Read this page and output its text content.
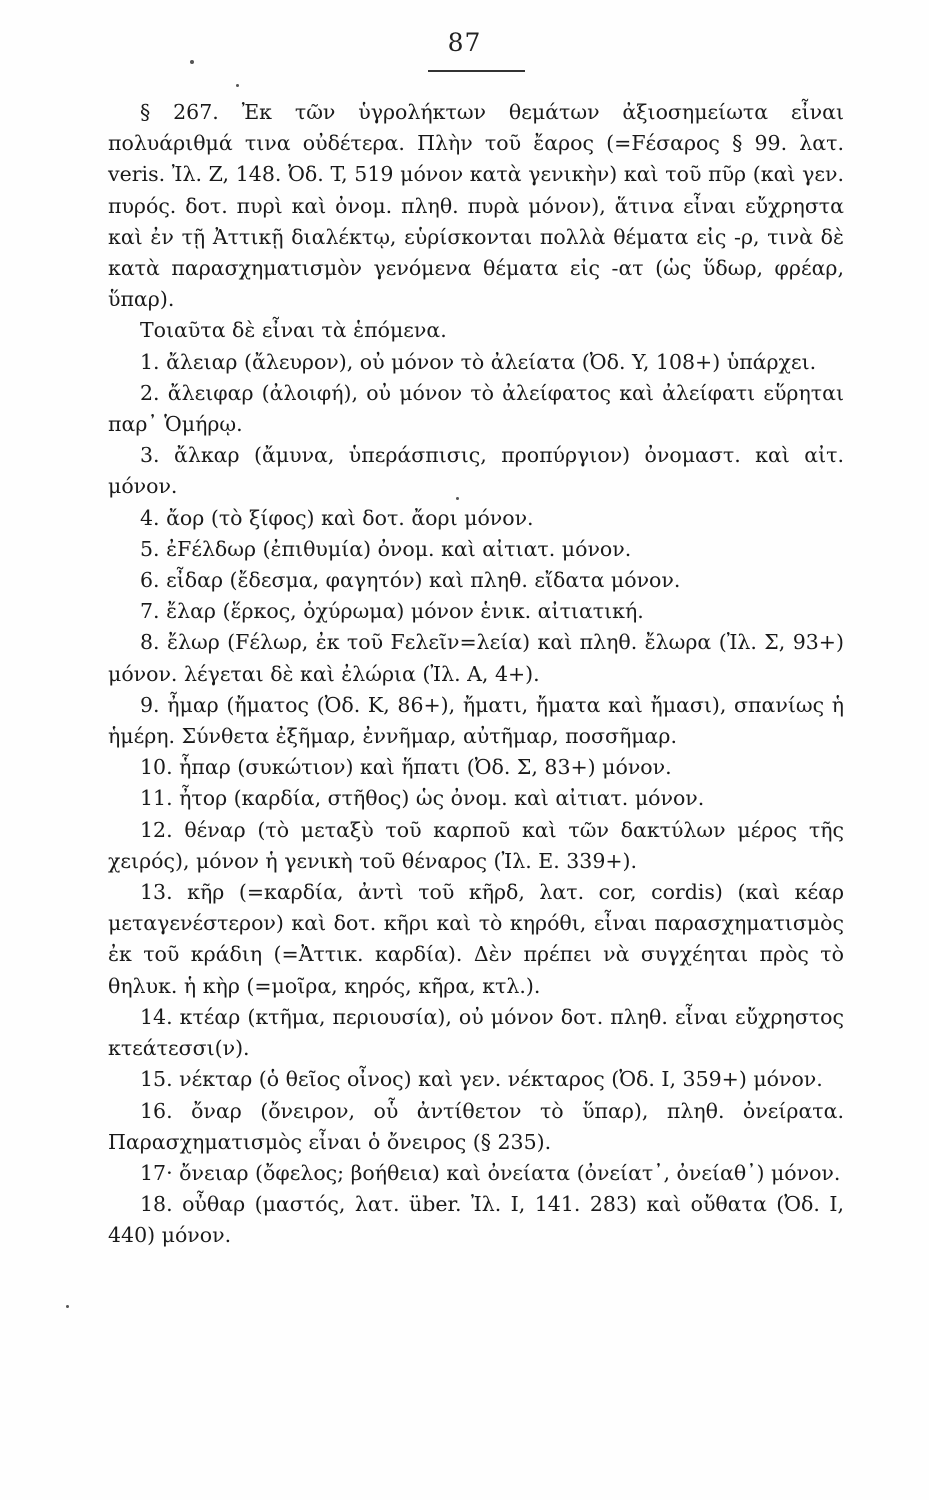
87

§ 267. Ἐκ τῶν ὑγρολήκτων θεμάτων ἀξιοσημείωτα εἶναι πολυάριθμά τινα οὐδέτερα. Πλὴν τοῦ ἔαρος (=Fέσαρος § 99. λατ. veris. Ἰλ. Z, 148. Ὀδ. T, 519 μόνον κατὰ γενικὴν) καὶ τοῦ πῦρ (καὶ γεν. πυρός. δοτ. πυρὶ καὶ ὀνομ. πληθ. πυρὰ μόνον), ἅτινα εἶναι εὔχρηστα καὶ ἐν τῇ Ἀττικῇ διαλέκτῳ, εὑρίσκονται πολλὰ θέματα εἰς -ρ, τινὰ δὲ κατὰ παρασχηματισμὸν γενόμενα θέματα εἰς -ατ (ὡς ὕδωρ, φρέαρ, ὕπαρ).

Τοιαῦτα δὲ εἶναι τὰ ἑπόμενα.

1. ἄλειαρ (ἄλευρον), οὐ μόνον τὸ ἀλείατα (Ὀδ. Y, 108+) ὑπάρχει.

2. ἄλειφαρ (ἀλοιφή), οὐ μόνον τὸ ἀλείφατος καὶ ἀλείφατι εὕρηται παρ᾽ Ὁμήρῳ.

3. ἄλκαρ (ἄμυνα, ὑπεράσπισις, προπύργιον) ὀνομαστ. καὶ αἰτ. μόνον.

4. ἄορ (τὸ ξίφος) καὶ δοτ. ἄορι μόνον.

5. ἐFέλδωρ (ἐπιθυμία) ὀνομ. καὶ αἰτιατ. μόνον.

6. εἶδαρ (ἔδεσμα, φαγητόν) καὶ πληθ. εἴδατα μόνον.

7. ἔλαρ (ἕρκος, ὀχύρωμα) μόνον ἑνικ. αἰτιατική.

8. ἔλωρ (Fέλωρ, ἐκ τοῦ Fελεῖν=λεία) καὶ πληθ. ἔλωρα (Ἰλ. Σ, 93+) μόνον. λέγεται δὲ καὶ ἐλώρια (Ἰλ. A, 4+).

9. ἦμαρ (ἤματος (Ὀδ. K, 86+), ἤματι, ἤματα καὶ ἤμασι), σπανίως ἡ ἡμέρη. Σύνθετα ἐξῆμαρ, ἐννῆμαρ, αὐτῆμαρ, ποσσῆμαρ.

10. ἧπαρ (συκώτιον) καὶ ἥπατι (Ὀδ. Σ, 83+) μόνον.

11. ἦτορ (καρδία, στῆθος) ὡς ὀνομ. καὶ αἰτιατ. μόνον.

12. θέναρ (τὸ μεταξὺ τοῦ καρποῦ καὶ τῶν δακτύλων μέρος τῆς χειρός), μόνον ἡ γενικὴ τοῦ θέναρος (Ἰλ. E. 339+).

13. κῆρ (=καρδία, ἀντὶ τοῦ κῆρδ, λατ. cor, cordis) (καὶ κέαρ μεταγενέστερον) καὶ δοτ. κῆρι καὶ τὸ κηρόθι, εἶναι παρασχηματισμὸς ἐκ τοῦ κράδιη (=Ἀττικ. καρδία). Δὲν πρέπει νὰ συγχέηται πρὸς τὸ θηλυκ. ἡ κὴρ (=μοῖρα, κηρός, κῆρα, κτλ.).

14. κτέαρ (κτῆμα, περιουσία), οὐ μόνον δοτ. πληθ. εἶναι εὔχρηστος κτεάτεσσι(ν).

15. νέκταρ (ὁ θεῖος οἶνος) καὶ γεν. νέκταρος (Ὀδ. I, 359+) μόνον.

16. ὄναρ (ὄνειρον, οὗ ἀντίθετον τὸ ὕπαρ), πληθ. ὀνείρατα. Παρασχηματισμὸς εἶναι ὁ ὄνειρος (§ 235).

17· ὄνειαρ (ὄφελος; βοήθεια) καὶ ὀνείατα (ὀνείατ᾽, ὀνείαθ᾽) μόνον.

18. οὖθαρ (μαστός, λατ. über. Ἰλ. I, 141. 283) καὶ οὔθατα (Ὀδ. I, 440) μόνον.
